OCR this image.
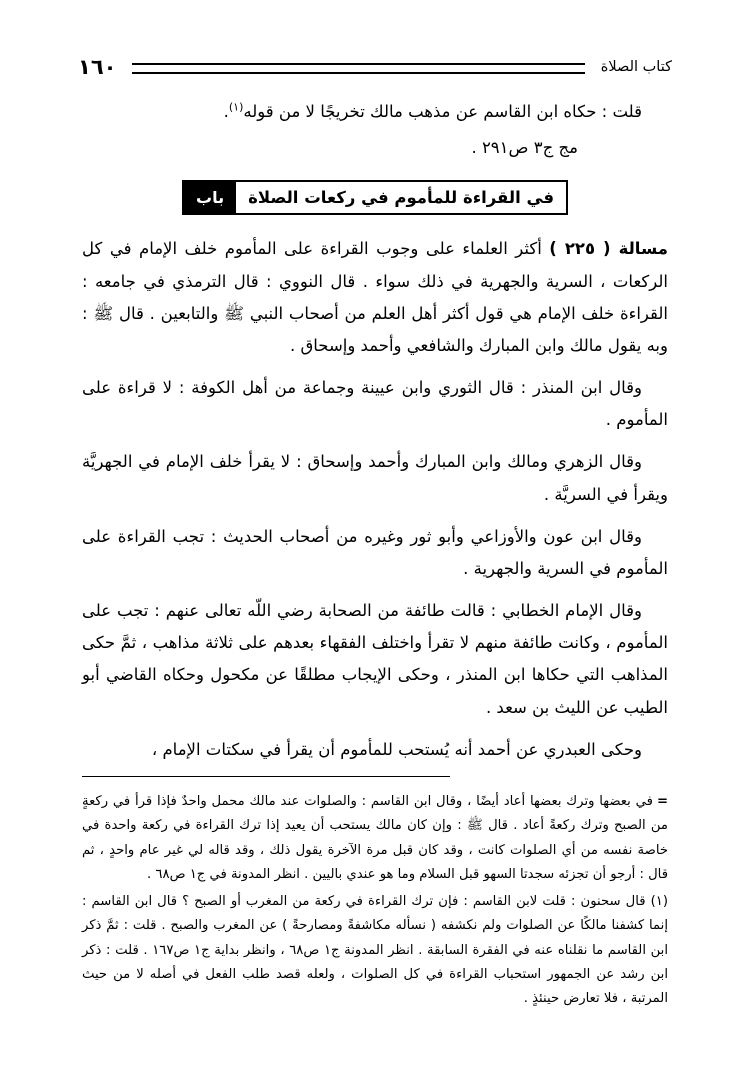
١٦٠	كتاب الصلاة

قلت : حكاه ابن القاسم عن مذهب مالك تخريجًا لا من قوله$^{(١)}$.

مج ج٣ ص٢٩١ .

باب	في القراءة للمأموم في ركعات الصلاة

مسالة ( ٢٢٥ ) أكثر العلماء على وجوب القراءة على المأموم خلف الإمام في كل الركعات ، السرية والجهرية في ذلك سواء . قال النووي : قال الترمذي في جامعه : القراءة خلف الإمام هي قول أكثر أهل العلم من أصحاب النبي ﷺ والتابعين . قال ﷺ : وبه يقول مالك وابن المبارك والشافعي وأحمد وإسحاق .

وقال ابن المنذر : قال الثوري وابن عيينة وجماعة من أهل الكوفة : لا قراءة على المأموم .

وقال الزهري ومالك وابن المبارك وأحمد وإسحاق : لا يقرأ خلف الإمام في الجهريَّة ويقرأ في السريَّة .

وقال ابن عون والأوزاعي وأبو ثور وغيره من أصحاب الحديث : تجب القراءة على المأموم في السرية والجهرية .

وقال الإمام الخطابي : قالت طائفة من الصحابة رضي اللّه تعالى عنهم : تجب على المأموم ، وكانت طائفة منهم لا تقرأ واختلف الفقهاء بعدهم على ثلاثة مذاهب ، ثمَّ حكى المذاهب التي حكاها ابن المنذر ، وحكى الإيجاب مطلقًا عن مكحول وحكاه القاضي أبو الطيب عن الليث بن سعد .

وحكى العبدري عن أحمد أنه يُستحب للمأموم أن يقرأ في سكتات الإمام ،

=في بعضها وترك بعضها أعاد أيضًا ، وقال ابن القاسم : والصلوات عند مالك محمل واحدٌ فإذا قرأ في ركعةٍ من الصبح وترك ركعةً أعاد . قال ﷺ : وإن كان مالك يستحب أن يعيد إذا ترك القراءة في ركعة واحدة في خاصة نفسه من أي الصلوات كانت ، وقد كان قبل مرة الآخرة يقول ذلك ، وقد قاله لي غير عام واحدٍ ، ثم قال : أرجو أن تجزئه سجدتا السهو قبل السلام وما هو عندي باليين . انظر المدونة في ج١ ص٦٨ .

(١) قال سحنون : قلت لابن القاسم : فإن ترك القراءة في ركعة من المغرب أو الصبح ؟ قال ابن القاسم : إنما كشفنا مالكًا عن الصلوات ولم نكشفه ( نسأله مكاشفةً ومصارحةً ) عن المغرب والصبح . قلت : ثمَّ ذكر ابن القاسم ما نقلناه عنه في الفقرة السابقة . انظر المدونة ج١ ص٦٨ ، وانظر بداية ج١ ص١٦٧ . قلت : ذكر ابن رشد عن الجمهور استحباب القراءة في كل الصلوات ، ولعله قصد طلب الفعل في أصله لا من حيث المرتبة ، فلا تعارض حينئذٍ .
